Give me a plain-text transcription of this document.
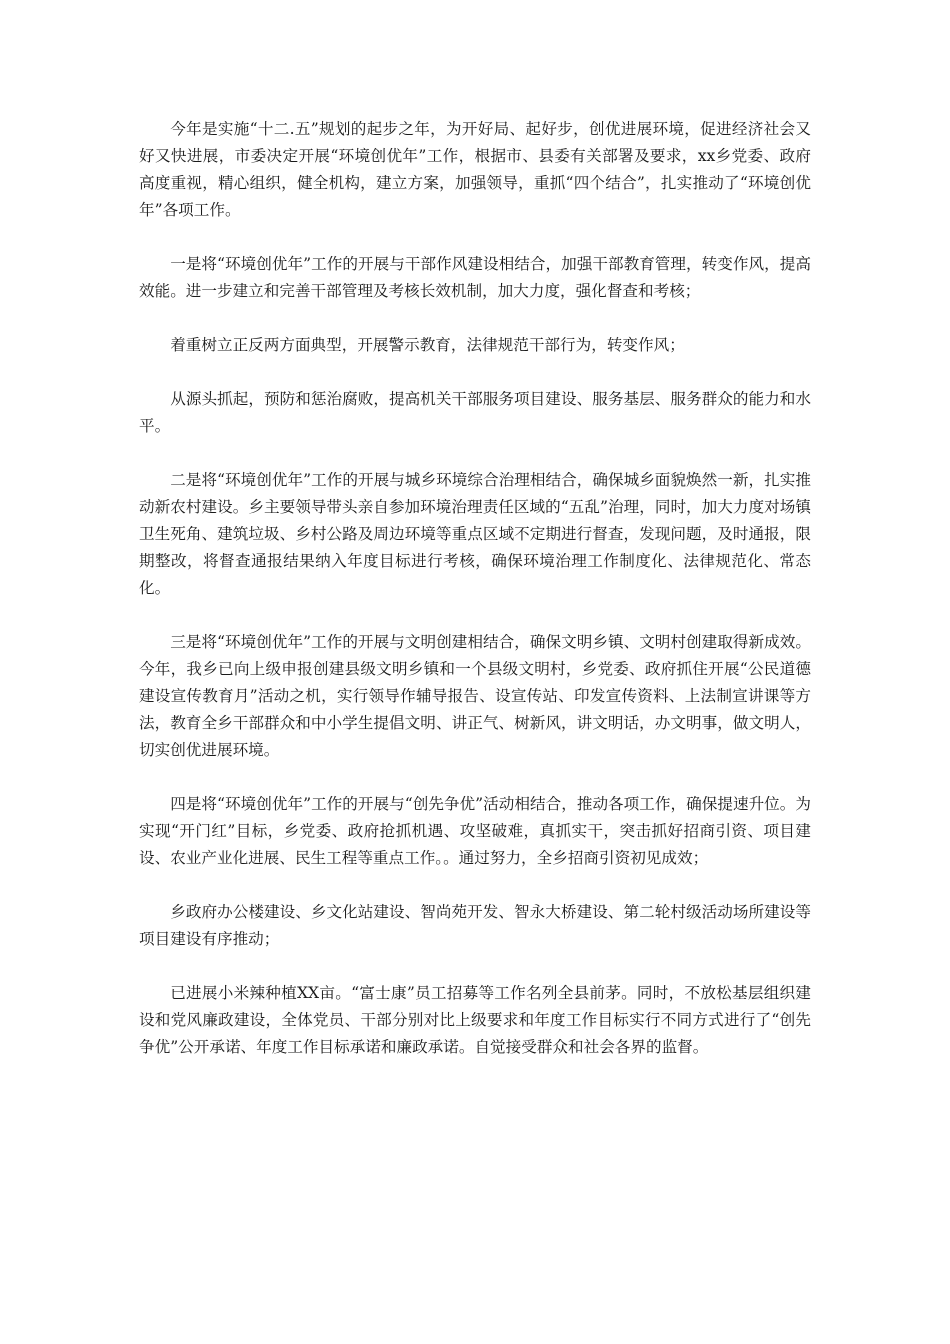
今年是实施“十二.五”规划的起步之年，为开好局、起好步，创优进展环境，促进经济社会又好又快进展，市委决定开展“环境创优年”工作，根据市、县委有关部署及要求，xx乡党委、政府高度重视，精心组织，健全机构，建立方案，加强领导，重抓“四个结合”，扎实推动了“环境创优年”各项工作。

一是将“环境创优年”工作的开展与干部作风建设相结合，加强干部教育管理，转变作风，提高效能。进一步建立和完善干部管理及考核长效机制，加大力度，强化督查和考核；

着重树立正反两方面典型，开展警示教育，法律规范干部行为，转变作风；

从源头抓起，预防和惩治腐败，提高机关干部服务项目建设、服务基层、服务群众的能力和水平。

二是将“环境创优年”工作的开展与城乡环境综合治理相结合，确保城乡面貌焕然一新，扎实推动新农村建设。乡主要领导带头亲自参加环境治理责任区域的“五乱”治理，同时，加大力度对场镇卫生死角、建筑垃圾、乡村公路及周边环境等重点区域不定期进行督查，发现问题，及时通报，限期整改，将督查通报结果纳入年度目标进行考核，确保环境治理工作制度化、法律规范化、常态化。

三是将“环境创优年”工作的开展与文明创建相结合，确保文明乡镇、文明村创建取得新成效。今年，我乡已向上级申报创建县级文明乡镇和一个县级文明村，乡党委、政府抓住开展“公民道德建设宣传教育月”活动之机，实行领导作辅导报告、设宣传站、印发宣传资料、上法制宣讲课等方法，教育全乡干部群众和中小学生提倡文明、讲正气、树新风，讲文明话，办文明事，做文明人，切实创优进展环境。

四是将“环境创优年”工作的开展与“创先争优”活动相结合，推动各项工作，确保提速升位。为实现“开门红”目标，乡党委、政府抢抓机遇、攻坚破难，真抓实干，突击抓好招商引资、项目建设、农业产业化进展、民生工程等重点工作。。通过努力，全乡招商引资初见成效；

乡政府办公楼建设、乡文化站建设、智尚苑开发、智永大桥建设、第二轮村级活动场所建设等项目建设有序推动；

已进展小米辣种植XX亩。“富士康”员工招募等工作名列全县前茅。同时，不放松基层组织建设和党风廉政建设，全体党员、干部分别对比上级要求和年度工作目标实行不同方式进行了“创先争优”公开承诺、年度工作目标承诺和廉政承诺。自觉接受群众和社会各界的监督。
